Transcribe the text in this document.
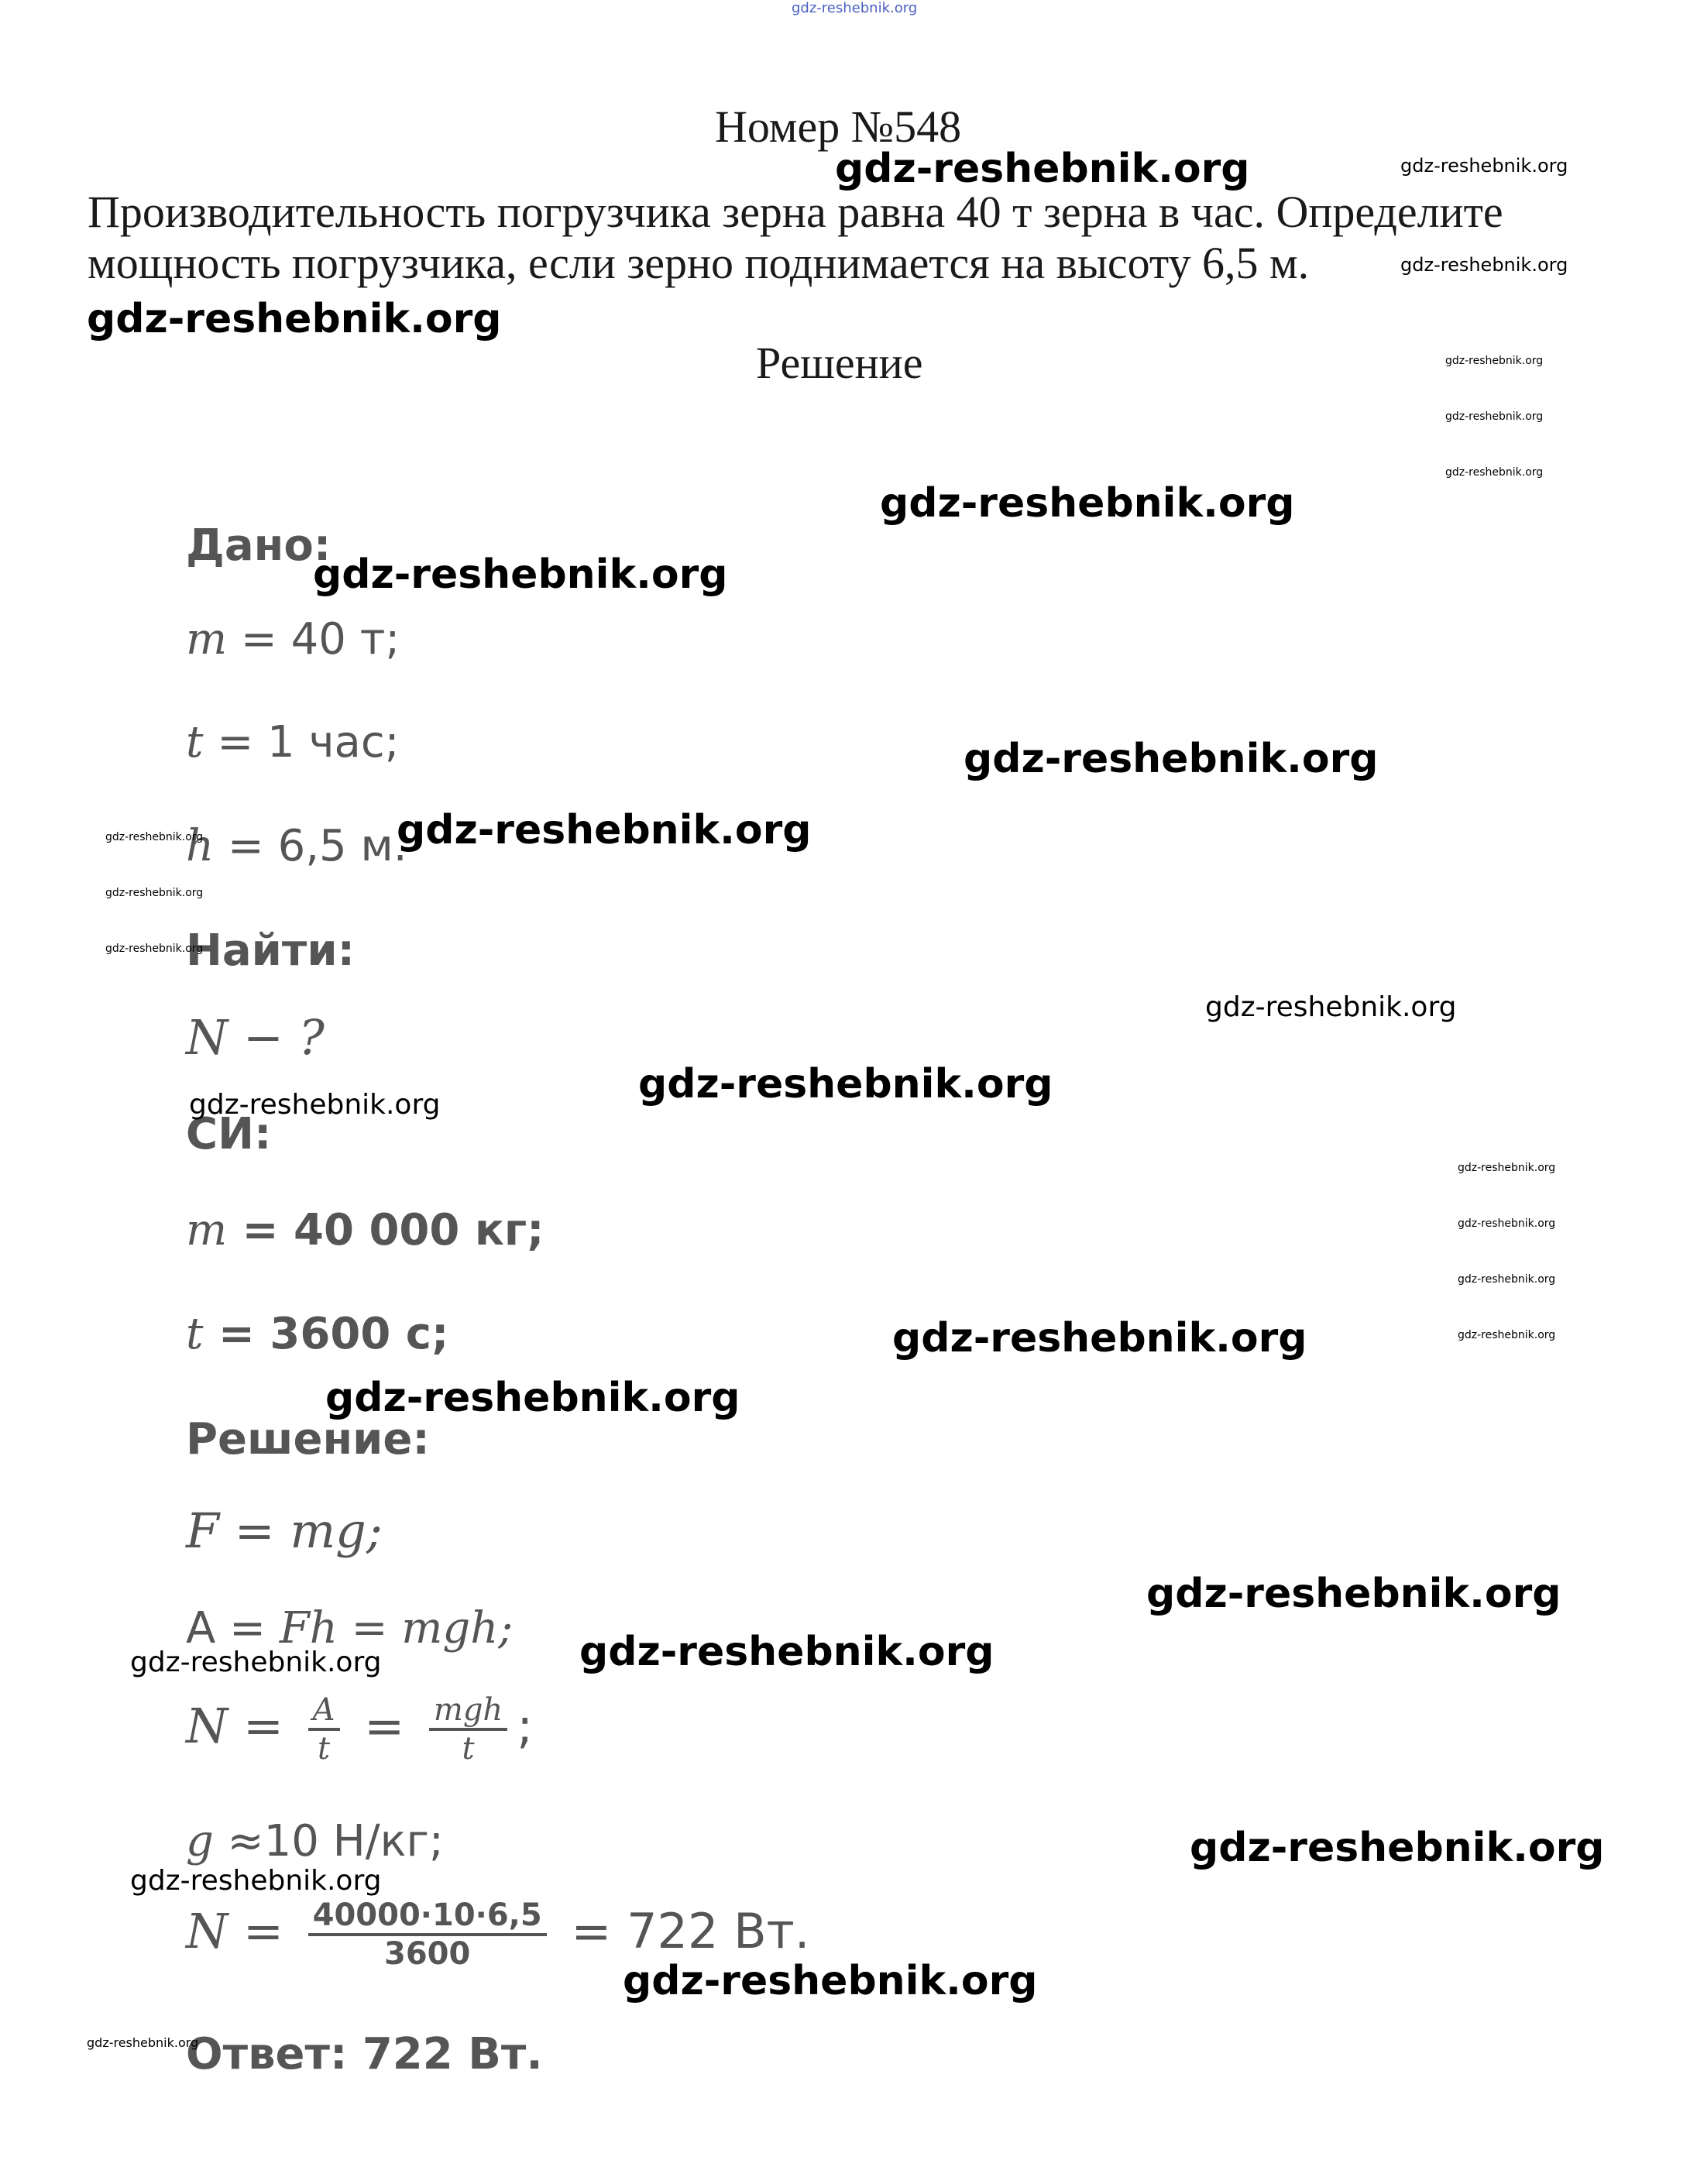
gdz-reshebnik.org
Номер №548
Производительность погрузчика зерна равна 40 т зерна в час. Определите
мощность погрузчика, если зерно поднимается на высоту 6,5 м.
Решение
Дано:
m = 40 т;
t = 1 час;
h = 6,5 м.
Найти:
N − ?
СИ:
m = 40 000 кг;
t = 3600 с;
Решение:
F = mg;
A = Fh = mgh;
$N = \frac{A}{t} = \frac{\text{mgh}}{t}$ ;
g ≈10 Н/кг;
$N = \frac{40000\cdot 10\cdot 6,5}{3600} = 722$ Вт.
Ответ: 722 Вт.
gdz-reshebnik.org
gdz-reshebnik.org
gdz-reshebnik.org
gdz-reshebnik.org
gdz-reshebnik.org
gdz-reshebnik.org
gdz-reshebnik.org
gdz-reshebnik.org
gdz-reshebnik.org
gdz-reshebnik.org
gdz-reshebnik.org
gdz-reshebnik.org
gdz-reshebnik.org
gdz-reshebnik.org
gdz-reshebnik.org
gdz-reshebnik.org
gdz-reshebnik.org
gdz-reshebnik.org
gdz-reshebnik.org
gdz-reshebnik.org
gdz-reshebnik.org
gdz-reshebnik.org
gdz-reshebnik.org
gdz-reshebnik.org
gdz-reshebnik.org
gdz-reshebnik.org
gdz-reshebnik.org
gdz-reshebnik.org
gdz-reshebnik.org
gdz-reshebnik.org
